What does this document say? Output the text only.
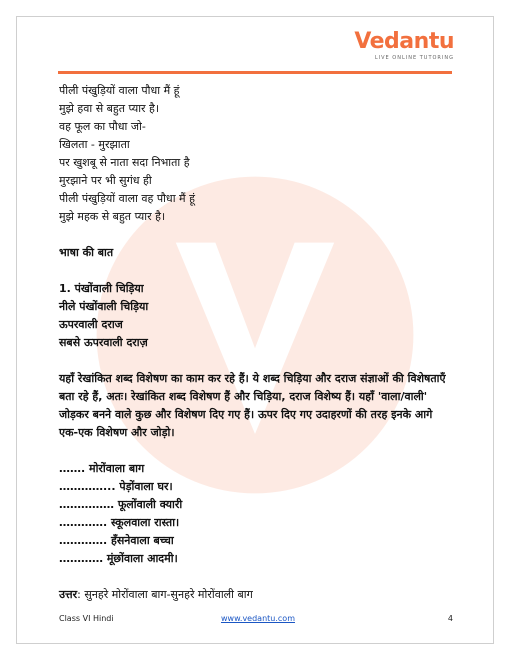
Vedantu
LIVE ONLINE TUTORING
पीली पंखुड़ियों वाला पौधा मैं हूं
मुझे हवा से बहुत प्यार है।
वह फूल का पौधा जो-
खिलता - मुरझाता
पर खुशबू से नाता सदा निभाता है
मुरझाने पर भी सुगंध ही
पीली पंखुड़ियों वाला वह पौधा मैं हूं
मुझे महक से बहुत प्यार है।
भाषा की बात
1. पंखोंवाली चिड़िया
नीले पंखोंवाली चिड़िया
ऊपरवाली दराज
सबसे ऊपरवाली दराज़
यहाँ रेखांकित शब्द विशेषण का काम कर रहे हैं। ये शब्द चिड़िया और दराज संज्ञाओं की विशेषताएँ बता रहे हैं, अतः। रेखांकित शब्द विशेषण हैं और चिड़िया, दराज विशेष्य हैं। यहाँ 'वाला/वाली' जोड़कर बनने वाले कुछ और विशेषण दिए गए हैं। ऊपर दिए गए उदाहरणों की तरह इनके आगे एक-एक विशेषण और जोड़ो।
……. मोरोंवाला बाग
…………... पेड़ोंवाला घर।
…………… फूलोंवाली क्यारी
…………. स्कूलवाला रास्ता।
…………. हँसनेवाला बच्चा
………… मूंछोंवाला आदमी।
उत्तर: सुनहरे मोरोंवाला बाग-सुनहरे मोरोंवाली बाग
Class VI Hindi	www.vedantu.com	4
